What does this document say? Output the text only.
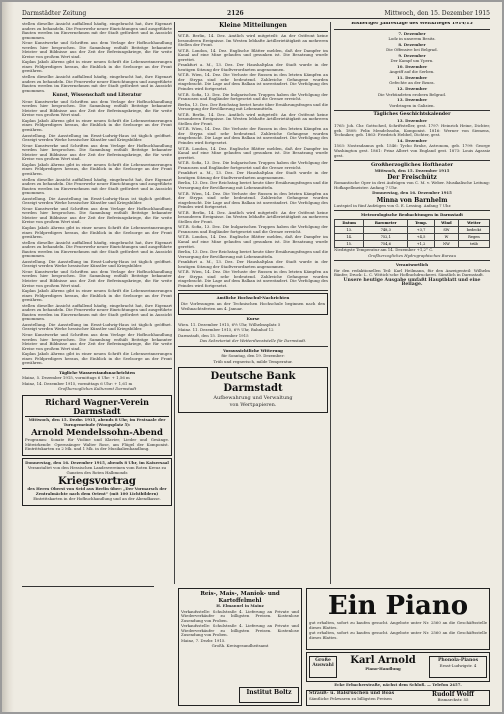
Darmstädter Zeitung	2126	Mittwoch, den 15. Dezember 1915

stellen dieselbe Ansicht auffallend häufig, eingebracht hat, ihre Eigenart anders zu behandeln. Die Feuerwehr neuer Einrichtungen und ausgeführte Bauten werden im Einvernehmen mit der Stadt gefördert und in Aussicht genommen.

Neue Kunstwerke und Schriften aus dem Verlage der Hofbuchhandlung werden hier besprochen. Die Sammlung enthält Beiträge bekannter Meister und Bildnisse aus der Zeit der Befreiungskriege, die für weite Kreise von großem Wert sind.

Kaplan Jakob Ahrens gibt in einer neuen Schrift die Lebenserinnerungen eines Feldpredigers heraus, die Einblick in die Seelsorge an der Front gewähren.

stellen dieselbe Ansicht auffallend häufig, eingebracht hat, ihre Eigenart anders zu behandeln. Die Feuerwehr neuer Einrichtungen und ausgeführte Bauten werden im Einvernehmen mit der Stadt gefördert und in Aussicht genommen.

Kunst, Wissenschaft und Literatur

Neue Kunstwerke und Schriften aus dem Verlage der Hofbuchhandlung werden hier besprochen. Die Sammlung enthält Beiträge bekannter Meister und Bildnisse aus der Zeit der Befreiungskriege, die für weite Kreise von großem Wert sind.

Kaplan Jakob Ahrens gibt in einer neuen Schrift die Lebenserinnerungen eines Feldpredigers heraus, die Einblick in die Seelsorge an der Front gewähren.

Ausstellung. Die Ausstellung im Ernst-Ludwig-Haus ist täglich geöffnet. Gezeigt werden Werke hessischer Künstler und Kriegsbilder.

Neue Kunstwerke und Schriften aus dem Verlage der Hofbuchhandlung werden hier besprochen. Die Sammlung enthält Beiträge bekannter Meister und Bildnisse aus der Zeit der Befreiungskriege, die für weite Kreise von großem Wert sind.

Kaplan Jakob Ahrens gibt in einer neuen Schrift die Lebenserinnerungen eines Feldpredigers heraus, die Einblick in die Seelsorge an der Front gewähren.

stellen dieselbe Ansicht auffallend häufig, eingebracht hat, ihre Eigenart anders zu behandeln. Die Feuerwehr neuer Einrichtungen und ausgeführte Bauten werden im Einvernehmen mit der Stadt gefördert und in Aussicht genommen.

Ausstellung. Die Ausstellung im Ernst-Ludwig-Haus ist täglich geöffnet. Gezeigt werden Werke hessischer Künstler und Kriegsbilder.

Neue Kunstwerke und Schriften aus dem Verlage der Hofbuchhandlung werden hier besprochen. Die Sammlung enthält Beiträge bekannter Meister und Bildnisse aus der Zeit der Befreiungskriege, die für weite Kreise von großem Wert sind.

Kaplan Jakob Ahrens gibt in einer neuen Schrift die Lebenserinnerungen eines Feldpredigers heraus, die Einblick in die Seelsorge an der Front gewähren.

stellen dieselbe Ansicht auffallend häufig, eingebracht hat, ihre Eigenart anders zu behandeln. Die Feuerwehr neuer Einrichtungen und ausgeführte Bauten werden im Einvernehmen mit der Stadt gefördert und in Aussicht genommen.

Ausstellung. Die Ausstellung im Ernst-Ludwig-Haus ist täglich geöffnet. Gezeigt werden Werke hessischer Künstler und Kriegsbilder.

Neue Kunstwerke und Schriften aus dem Verlage der Hofbuchhandlung werden hier besprochen. Die Sammlung enthält Beiträge bekannter Meister und Bildnisse aus der Zeit der Befreiungskriege, die für weite Kreise von großem Wert sind.

Kaplan Jakob Ahrens gibt in einer neuen Schrift die Lebenserinnerungen eines Feldpredigers heraus, die Einblick in die Seelsorge an der Front gewähren.

stellen dieselbe Ansicht auffallend häufig, eingebracht hat, ihre Eigenart anders zu behandeln. Die Feuerwehr neuer Einrichtungen und ausgeführte Bauten werden im Einvernehmen mit der Stadt gefördert und in Aussicht genommen.

Ausstellung. Die Ausstellung im Ernst-Ludwig-Haus ist täglich geöffnet. Gezeigt werden Werke hessischer Künstler und Kriegsbilder.

Neue Kunstwerke und Schriften aus dem Verlage der Hofbuchhandlung werden hier besprochen. Die Sammlung enthält Beiträge bekannter Meister und Bildnisse aus der Zeit der Befreiungskriege, die für weite Kreise von großem Wert sind.

Kaplan Jakob Ahrens gibt in einer neuen Schrift die Lebenserinnerungen eines Feldpredigers heraus, die Einblick in die Seelsorge an der Front gewähren.

Tägliche Wasserstandsnachrichten
Mainz, 5. Dezember 1915, vormittags 6 Uhr: + 1,56 m
Mainz, 14. Dezember 1915, vormittags 6 Uhr: + 1,61 m
Großherzogliches Kulturamt Darmstadt
Richard Wagner-Verein Darmstadt
Mittwoch, den 15. Dezbr. 1915, abends 8 Uhr, im Festsaale der Turngemeinde (Woogsplatz 5):
Arnold Mendelssohn-Abend
Programm: Sonate für Violine und Klavier, Lieder und Gesänge. Mitwirkende: Opernsänger Walter Rose, am Flügel der Komponist. Eintrittskarten zu 2 Mk. und 1 Mk. in der Musikalienhandlung.
Donnerstag, den 16. Dezember 1915, abends 8 Uhr, im Kaisersaal
Veranstaltet von den Hessischen Landesvereinen vom Roten Kreuz zu Gunsten des Roten Halbmonds
Kriegsvortrag
des Herrn Oberst von Seid aus Berlin über: „Der Vormarsch der Zentralmächte nach dem Orient“ (mit 100 Lichtbildern)
Eintrittskarten in der Hofbuchhandlung und an der Abendkasse.
Kleine Mitteilungen

W.T.B. Berlin, 14. Dez. Amtlich wird mitgeteilt: An der Ostfront keine besonderen Ereignisse. Im Westen lebhafte Artillerietätigkeit an mehreren Stellen der Front.

W.T.B. London, 14. Dez. Englische Blätter melden, daß der Dampfer im Kanal auf eine Mine gelaufen und gesunken ist. Die Besatzung wurde gerettet.

Frankfurt a. M., 13. Dez. Der Haushaltplan der Stadt wurde in der heutigen Sitzung der Stadtverordneten angenommen.

W.T.B. Wien, 14. Dez. Die Verluste der Russen in den letzten Kämpfen an der Strypa sind sehr bedeutend. Zahlreiche Gefangene wurden eingebracht. Die Lage auf dem Balkan ist unverändert. Die Verfolgung des Feindes wird fortgesetzt.

W.T.B. Sofia, 13. Dez. Die bulgarischen Truppen haben die Verfolgung der Franzosen und Engländer fortgesetzt und die Grenze erreicht.

Berlin, 13. Dez. Der Reichstag beriet heute über Ernährungsfragen und die Versorgung der Bevölkerung mit Lebensmitteln.

W.T.B. Berlin, 14. Dez. Amtlich wird mitgeteilt: An der Ostfront keine besonderen Ereignisse. Im Westen lebhafte Artillerietätigkeit an mehreren Stellen der Front.

W.T.B. Wien, 14. Dez. Die Verluste der Russen in den letzten Kämpfen an der Strypa sind sehr bedeutend. Zahlreiche Gefangene wurden eingebracht. Die Lage auf dem Balkan ist unverändert. Die Verfolgung des Feindes wird fortgesetzt.

W.T.B. London, 14. Dez. Englische Blätter melden, daß der Dampfer im Kanal auf eine Mine gelaufen und gesunken ist. Die Besatzung wurde gerettet.

W.T.B. Sofia, 13. Dez. Die bulgarischen Truppen haben die Verfolgung der Franzosen und Engländer fortgesetzt und die Grenze erreicht.

Frankfurt a. M., 13. Dez. Der Haushaltplan der Stadt wurde in der heutigen Sitzung der Stadtverordneten angenommen.

Berlin, 13. Dez. Der Reichstag beriet heute über Ernährungsfragen und die Versorgung der Bevölkerung mit Lebensmitteln.

W.T.B. Wien, 14. Dez. Die Verluste der Russen in den letzten Kämpfen an der Strypa sind sehr bedeutend. Zahlreiche Gefangene wurden eingebracht. Die Lage auf dem Balkan ist unverändert. Die Verfolgung des Feindes wird fortgesetzt.

W.T.B. Berlin, 14. Dez. Amtlich wird mitgeteilt: An der Ostfront keine besonderen Ereignisse. Im Westen lebhafte Artillerietätigkeit an mehreren Stellen der Front.

W.T.B. Sofia, 13. Dez. Die bulgarischen Truppen haben die Verfolgung der Franzosen und Engländer fortgesetzt und die Grenze erreicht.

W.T.B. London, 14. Dez. Englische Blätter melden, daß der Dampfer im Kanal auf eine Mine gelaufen und gesunken ist. Die Besatzung wurde gerettet.

Berlin, 13. Dez. Der Reichstag beriet heute über Ernährungsfragen und die Versorgung der Bevölkerung mit Lebensmitteln.

Frankfurt a. M., 13. Dez. Der Haushaltplan der Stadt wurde in der heutigen Sitzung der Stadtverordneten angenommen.

W.T.B. Wien, 14. Dez. Die Verluste der Russen in den letzten Kämpfen an der Strypa sind sehr bedeutend. Zahlreiche Gefangene wurden eingebracht. Die Lage auf dem Balkan ist unverändert. Die Verfolgung des Feindes wird fortgesetzt.

Amtliche Hochschul-Nachrichten
Die Vorlesungen an der Technischen Hochschule beginnen nach den Weihnachtsferien am 4. Januar.
Kurse
Wien. 11. Dezember 1915, 6½ Uhr, Wilhelmsplatz 5
Mainz. 11. Dezember 1915, 6½ Uhr, Bahnhof 12
Darmstadt, den 15. Dezember 1915
Das Sekretariat der Wetterdienststelle für Darmstadt.
Voraussichtliche Witterung
für Sonntag, den 19. Dezember:
Trüb und regnerisch, milde Temperatur.
Deutsche Bank Darmstadt
Aufbewahrung und Verwaltung
von Wertpapieren.
Bisheriger Jahrestage des Weltkrieges 1914/15
7. Dezember
Lodz in unserem Besitz.
8. Dezember
Die Offensive bei Belgrad.
9. Dezember
Der Kampf um Ypern.
10. Dezember
Angriff auf die Serben.
11. Dezember
Gefechte an der Bzura.
12. Dezember
Die Verbündeten erobern Belgrad.
13. Dezember
Vordringen in Galizien.
Tägliches Geschichtskalender
13. Dezember

1765: Joh. Chr. Gottsched, Schriftsteller, gest. 1797: Heinrich Heine, Dichter, geb. 1808: Felix Mendelssohn, Komponist. 1816: Werner von Siemens, Techniker, geb. 1863: Friedrich Hebbel, Dichter, gest.

14. Dezember

1503: Nostradamus geb. 1546: Tycho Brahe, Astronom, geb. 1799: George Washington gest. 1861: Prinz Albert von England gest. 1873: Louis Agassiz gest.

Großherzogliches Hoftheater
Mittwoch, den 15. Dezember 1915
Der Freischütz

Romantische Oper in drei Aufzügen von C. M. v. Weber. Musikalische Leitung: Hofkapellmeister. Anfang 7 Uhr.

Donnerstag, den 16. Dezember 1915
Minna von Barnhelm

Lustspiel in fünf Aufzügen von G. E. Lessing. Anfang 7 Uhr.

Meteorologische Beobachtungen in Darmstadt
Datum	Barometer	Temp.	Wind	Wetter
13.	748,3	+3,7	SW	bedeckt
14.	752,1	+4,5	W	Regen
15.	754,6	+1,2	NW	trüb
Niedrigste Temperatur am 14. Dezember +1,2° C.
Großherzogliches Hydrographisches Bureau
Verantwortlich

für den redaktionellen Teil: Karl Heilmann, für den Anzeigenteil: Wilhelm Bänfer, Druck: L. C. Wittich'sche Hofbuchdruckerei. Sämtlich in Darmstadt.

Unsere heutige Ausgabe umfaßt Hauptblatt und eine Beilage.
Reis-, Mais-, Maniok- und Kartoffelmehl
H. Elmanuel in Mainz

Verkaufsstelle: Schulstraße 4. Lieferung an Private und Wiederverkäufer zu billigsten Preisen. Kostenlose Zusendung von Proben.

Verkaufsstelle: Schulstraße 4. Lieferung an Private und Wiederverkäufer zu billigsten Preisen. Kostenlose Zusendung von Proben.

Mainz, 7. Dezbr. 1915.
Großh. Kreisgesundheitsamt
Institut Boltz
Ein Piano

gut erhalten, sofort zu kaufen gesucht. Angebote unter Nr. 2560 an die Geschäftsstelle dieses Blattes.

gut erhalten, sofort zu kaufen gesucht. Angebote unter Nr. 2560 an die Geschäftsstelle dieses Blattes.

Große Auswahl	Karl Arnold
Piano-Handlung
Phonola-Pianos
Ernst-Ludwigstr. 4
Ecke Erbacherstraße, nächst dem Schloß. — Telefon 2457.
Strauß- u. Balsrüschen und Boas
Sämtliche Pelzwaren zu billigsten Preisen
Rudolf Wolff
Bismarckstr. 55
